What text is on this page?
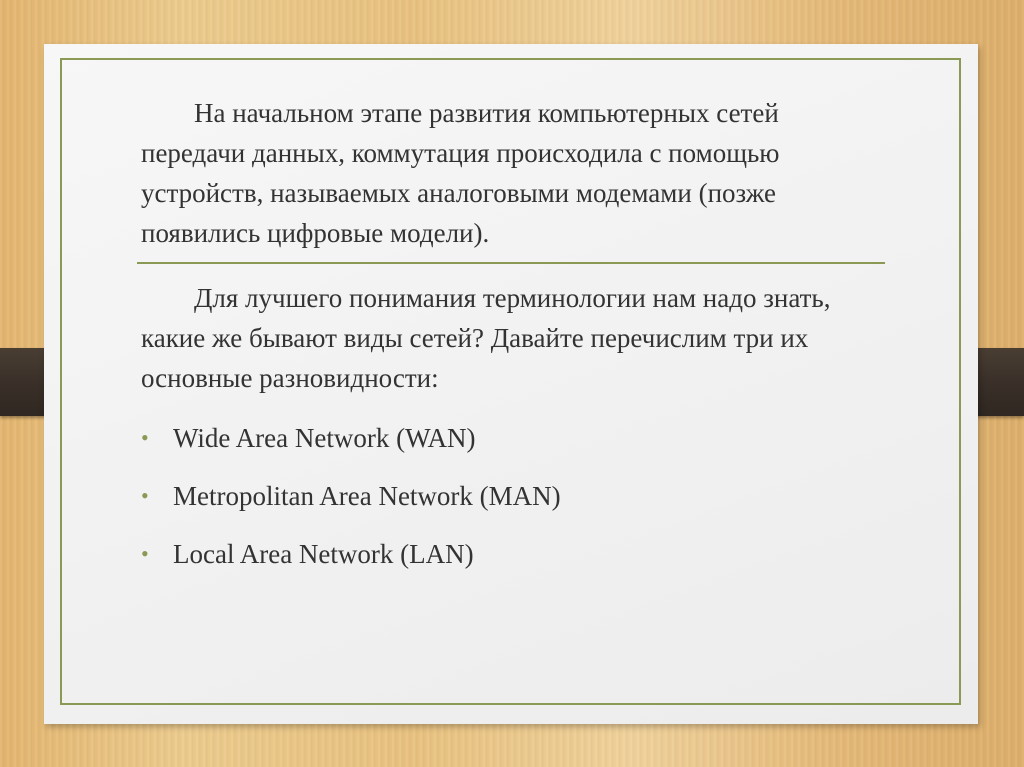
На начальном этапе развития компьютерных сетей передачи данных, коммутация происходила с помощью устройств, называемых аналоговыми модемами (позже появились цифровые модели).

Для лучшего понимания терминологии нам надо знать, какие же бывают виды сетей? Давайте перечислим три их основные разновидности:

• Wide Area Network (WAN)
• Metropolitan Area Network (MAN)
• Local Area Network (LAN)
